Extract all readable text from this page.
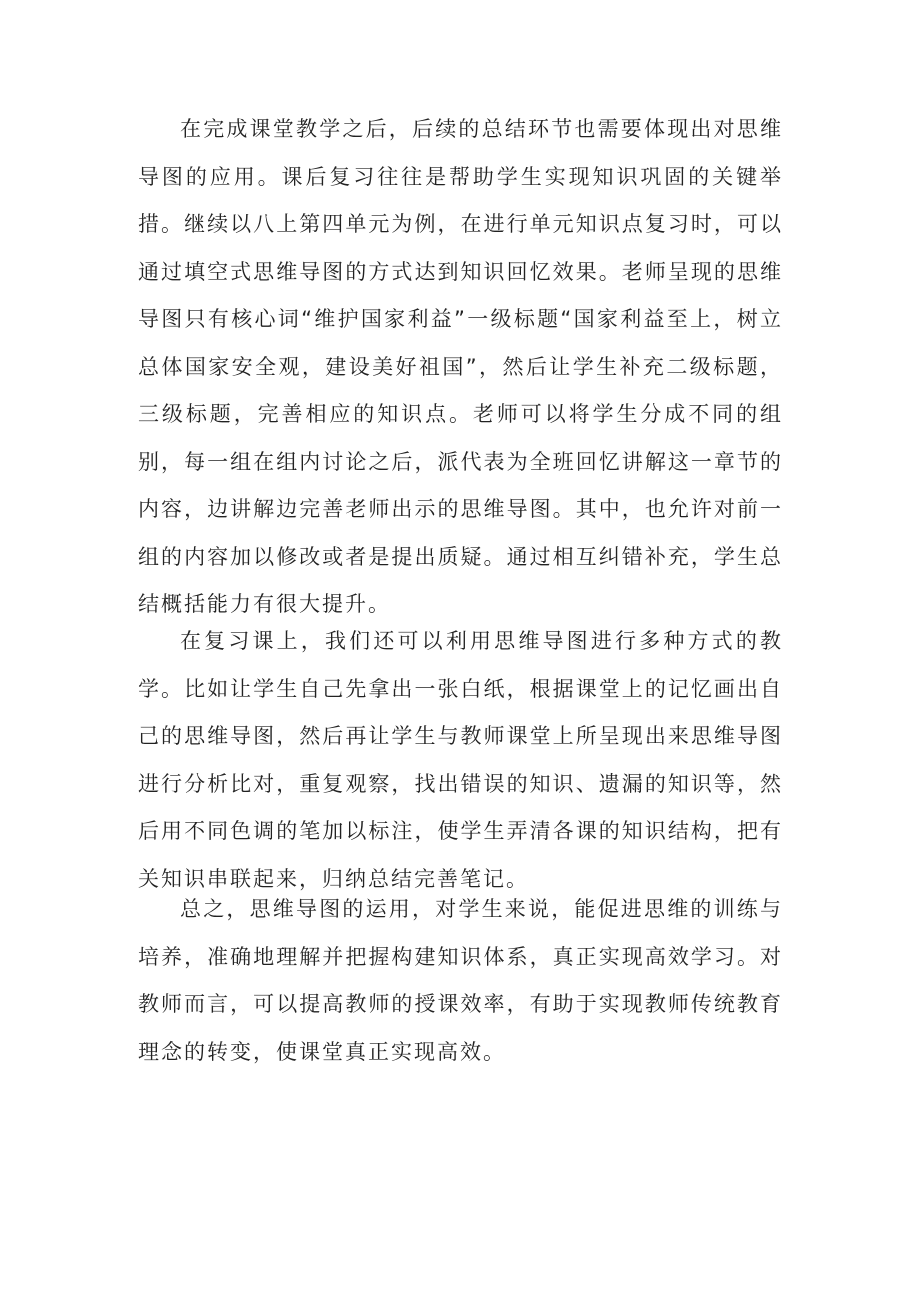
在完成课堂教学之后，后续的总结环节也需要体现出对思维导图的应用。课后复习往往是帮助学生实现知识巩固的关键举措。继续以八上第四单元为例，在进行单元知识点复习时，可以通过填空式思维导图的方式达到知识回忆效果。老师呈现的思维导图只有核心词“维护国家利益”一级标题“国家利益至上，树立总体国家安全观，建设美好祖国”，然后让学生补充二级标题，三级标题，完善相应的知识点。老师可以将学生分成不同的组别，每一组在组内讨论之后，派代表为全班回忆讲解这一章节的内容，边讲解边完善老师出示的思维导图。其中，也允许对前一组的内容加以修改或者是提出质疑。通过相互纠错补充，学生总结概括能力有很大提升。

在复习课上，我们还可以利用思维导图进行多种方式的教学。比如让学生自己先拿出一张白纸，根据课堂上的记忆画出自己的思维导图，然后再让学生与教师课堂上所呈现出来思维导图进行分析比对，重复观察，找出错误的知识、遗漏的知识等，然后用不同色调的笔加以标注，使学生弄清各课的知识结构，把有关知识串联起来，归纳总结完善笔记。

总之，思维导图的运用，对学生来说，能促进思维的训练与培养，准确地理解并把握构建知识体系，真正实现高效学习。对教师而言，可以提高教师的授课效率，有助于实现教师传统教育理念的转变，使课堂真正实现高效。
